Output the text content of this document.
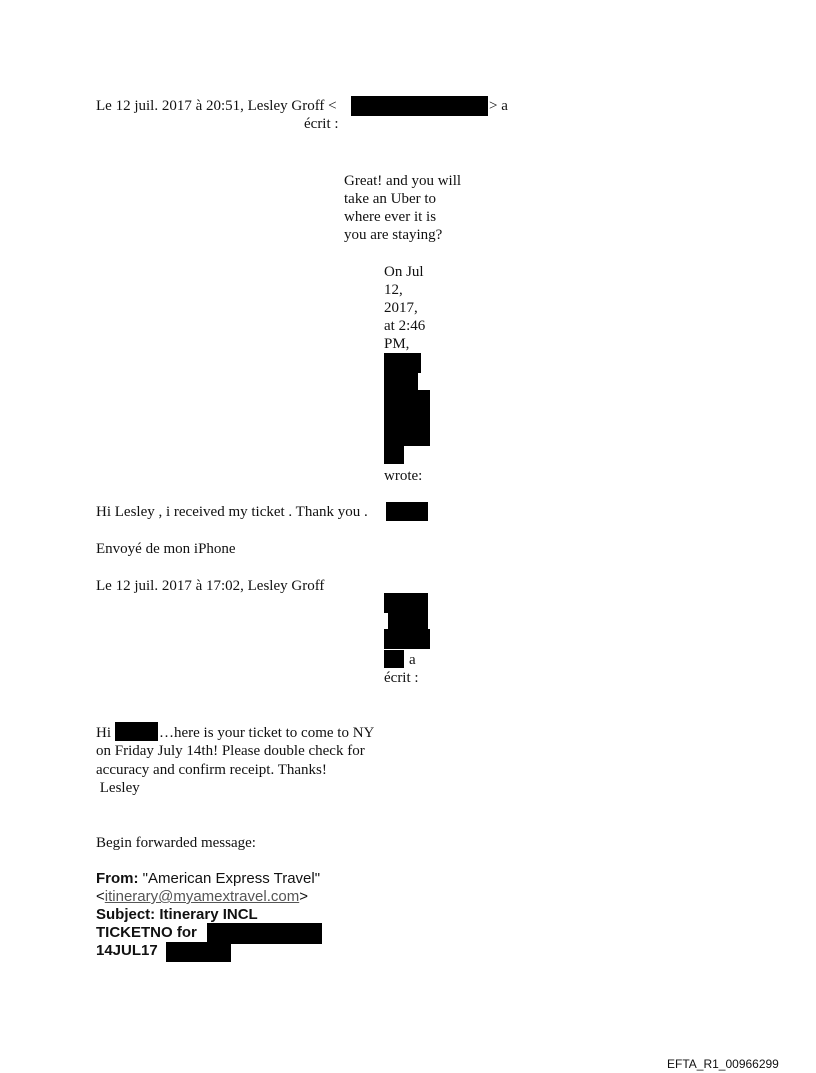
Le 12 juil. 2017 à 20:51, Lesley Groff <	> a
écrit :
Great! and you will
take an Uber to
where ever it is
you are staying?
On Jul
12,
2017,
at 2:46
PM,
wrote:
Hi Lesley , i received my ticket . Thank you .
Envoyé de mon iPhone
Le 12 juil. 2017 à 17:02, Lesley Groff
a
écrit :
Hi	…here is your ticket to come to NY
on Friday July 14th! Please double check for
accuracy and confirm receipt. Thanks!
Lesley
Begin forwarded message:
From: "American Express Travel"
<itinerary@myamextravel.com>
Subject: Itinerary INCL
TICKETNO for
14JUL17
EFTA_R1_00966299
